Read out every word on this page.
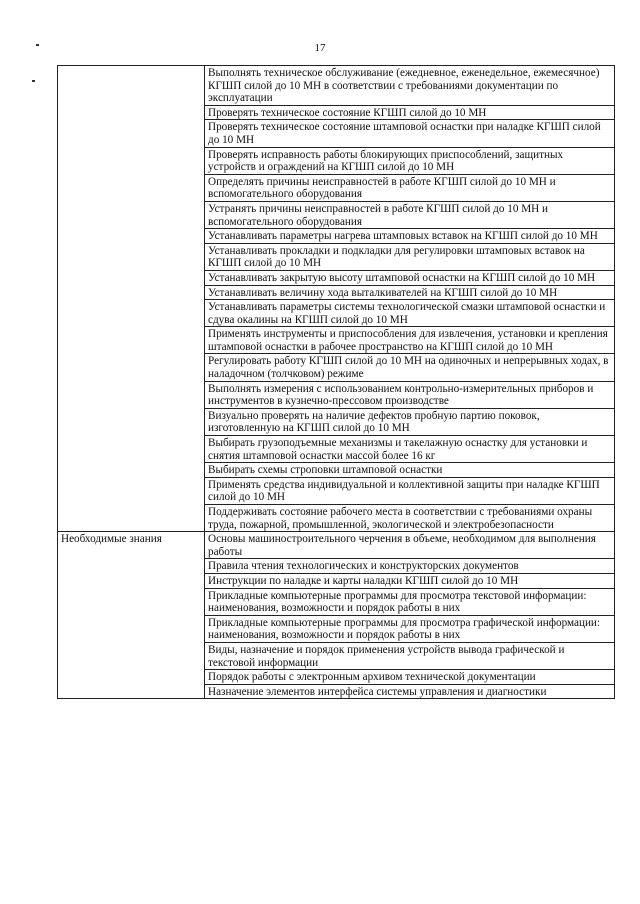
17

	Выполнять техническое обслуживание (ежедневное, еженедельное, ежемесячное) КГШП силой до 10 МН в соответствии с требованиями документации по эксплуатации

	Проверять техническое состояние КГШП силой до 10 МН

	Проверять техническое состояние штамповой оснастки при наладке КГШП силой до 10 МН

	Проверять исправность работы блокирующих приспособлений, защитных устройств и ограждений на КГШП силой до 10 МН

	Определять причины неисправностей в работе КГШП силой до 10 МН и вспомогательного оборудования

	Устранять причины неисправностей в работе КГШП силой до 10 МН и вспомогательного оборудования

	Устанавливать параметры нагрева штамповых вставок на КГШП силой до 10 МН

	Устанавливать прокладки и подкладки для регулировки штамповых вставок на КГШП силой до 10 МН

	Устанавливать закрытую высоту штамповой оснастки на КГШП силой до 10 МН

	Устанавливать величину хода выталкивателей на КГШП силой до 10 МН

	Устанавливать параметры системы технологической смазки штамповой оснастки и сдува окалины на КГШП силой до 10 МН

	Применять инструменты и приспособления для извлечения, установки и крепления штамповой оснастки в рабочее пространство на КГШП силой до 10 МН

	Регулировать работу КГШП силой до 10 МН на одиночных и непрерывных ходах, в наладочном (толчковом) режиме

	Выполнять измерения с использованием контрольно-измерительных приборов и инструментов в кузнечно-прессовом производстве

	Визуально проверять на наличие дефектов пробную партию поковок, изготовленную на КГШП силой до 10 МН

	Выбирать грузоподъемные механизмы и такелажную оснастку для установки и снятия штамповой оснастки массой более 16 кг

	Выбирать схемы строповки штамповой оснастки

	Применять средства индивидуальной и коллективной защиты при наладке КГШП силой до 10 МН

	Поддерживать состояние рабочего места в соответствии с требованиями охраны труда, пожарной, промышленной, экологической и электробезопасности

Необходимые знания	Основы машиностроительного черчения в объеме, необходимом для выполнения работы

	Правила чтения технологических и конструкторских документов

	Инструкции по наладке и карты наладки КГШП силой до 10 МН

	Прикладные компьютерные программы для просмотра текстовой информации: наименования, возможности и порядок работы в них

	Прикладные компьютерные программы для просмотра графической информации: наименования, возможности и порядок работы в них

	Виды, назначение и порядок применения устройств вывода графической и текстовой информации

	Порядок работы с электронным архивом технической документации

	Назначение элементов интерфейса системы управления и диагностики
